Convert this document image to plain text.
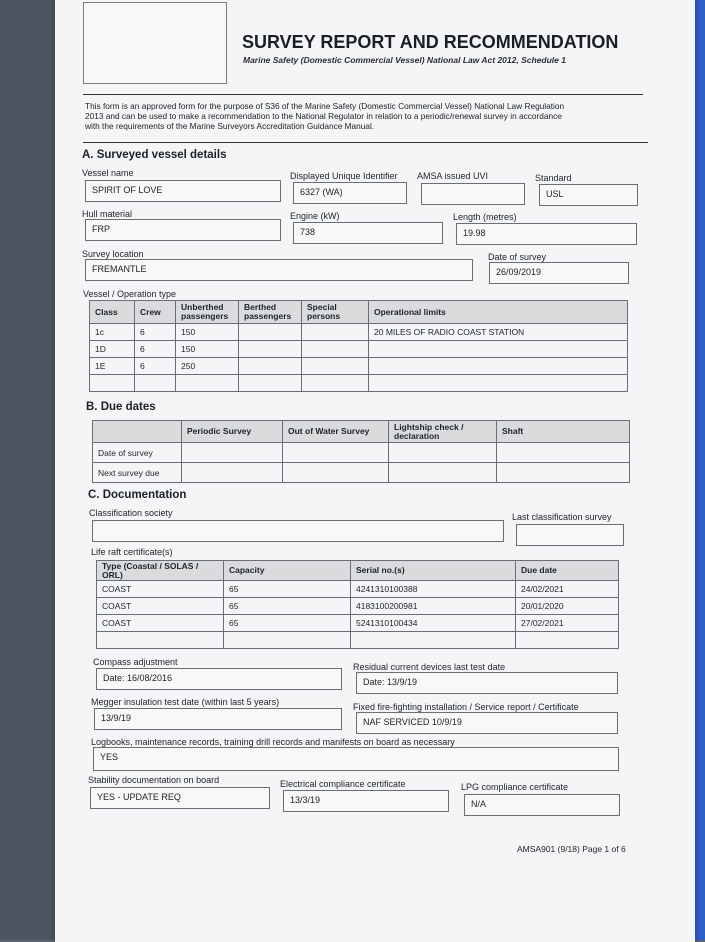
SURVEY REPORT AND RECOMMENDATION
Marine Safety (Domestic Commercial Vessel) National Law Act 2012, Schedule 1
This form is an approved form for the purpose of S36 of the Marine Safety (Domestic Commercial Vessel) National Law Regulation
2013 and can be used to make a recommendation to the National Regulator in relation to a periodic/renewal survey in accordance
with the requirements of the Marine Surveyors Accreditation Guidance Manual.
A. Surveyed vessel details
Vessel name
SPIRIT OF LOVE
Displayed Unique Identifier
6327 (WA)
AMSA issued UVI	Standard
USL
Hull material
FRP
Engine (kW)
738
Length (metres)
19.98
Survey location
FREMANTLE
Date of survey
26/09/2019
Vessel / Operation type
Class	Crew	Unberthed passengers	Berthed passengers	Special persons	Operational limits
1c	6	150			20 MILES OF RADIO COAST STATION
1D	6	150			
1E	6	250			

B. Due dates
	Periodic Survey	Out of Water Survey	Lightship check / declaration	Shaft
Date of survey				
Next survey due				
C. Documentation
Classification society	Last classification survey
Life raft certificate(s)
Type (Coastal / SOLAS / ORL)	Capacity	Serial no.(s)	Due date
COAST	65	4241310100388	24/02/2021
COAST	65	4183100200981	20/01/2020
COAST	65	5241310100434	27/02/2021

Compass adjustment
Date: 16/08/2016
Residual current devices last test date
Date: 13/9/19
Megger insulation test date (within last 5 years)
13/9/19
Fixed fire-fighting installation / Service report / Certificate
NAF SERVICED 10/9/19
Logbooks, maintenance records, training drill records and manifests on board as necessary
YES
Stability documentation on board
YES - UPDATE REQ
Electrical compliance certificate
13/3/19
LPG compliance certificate
N/A
AMSA901 (9/18) Page 1 of 6
